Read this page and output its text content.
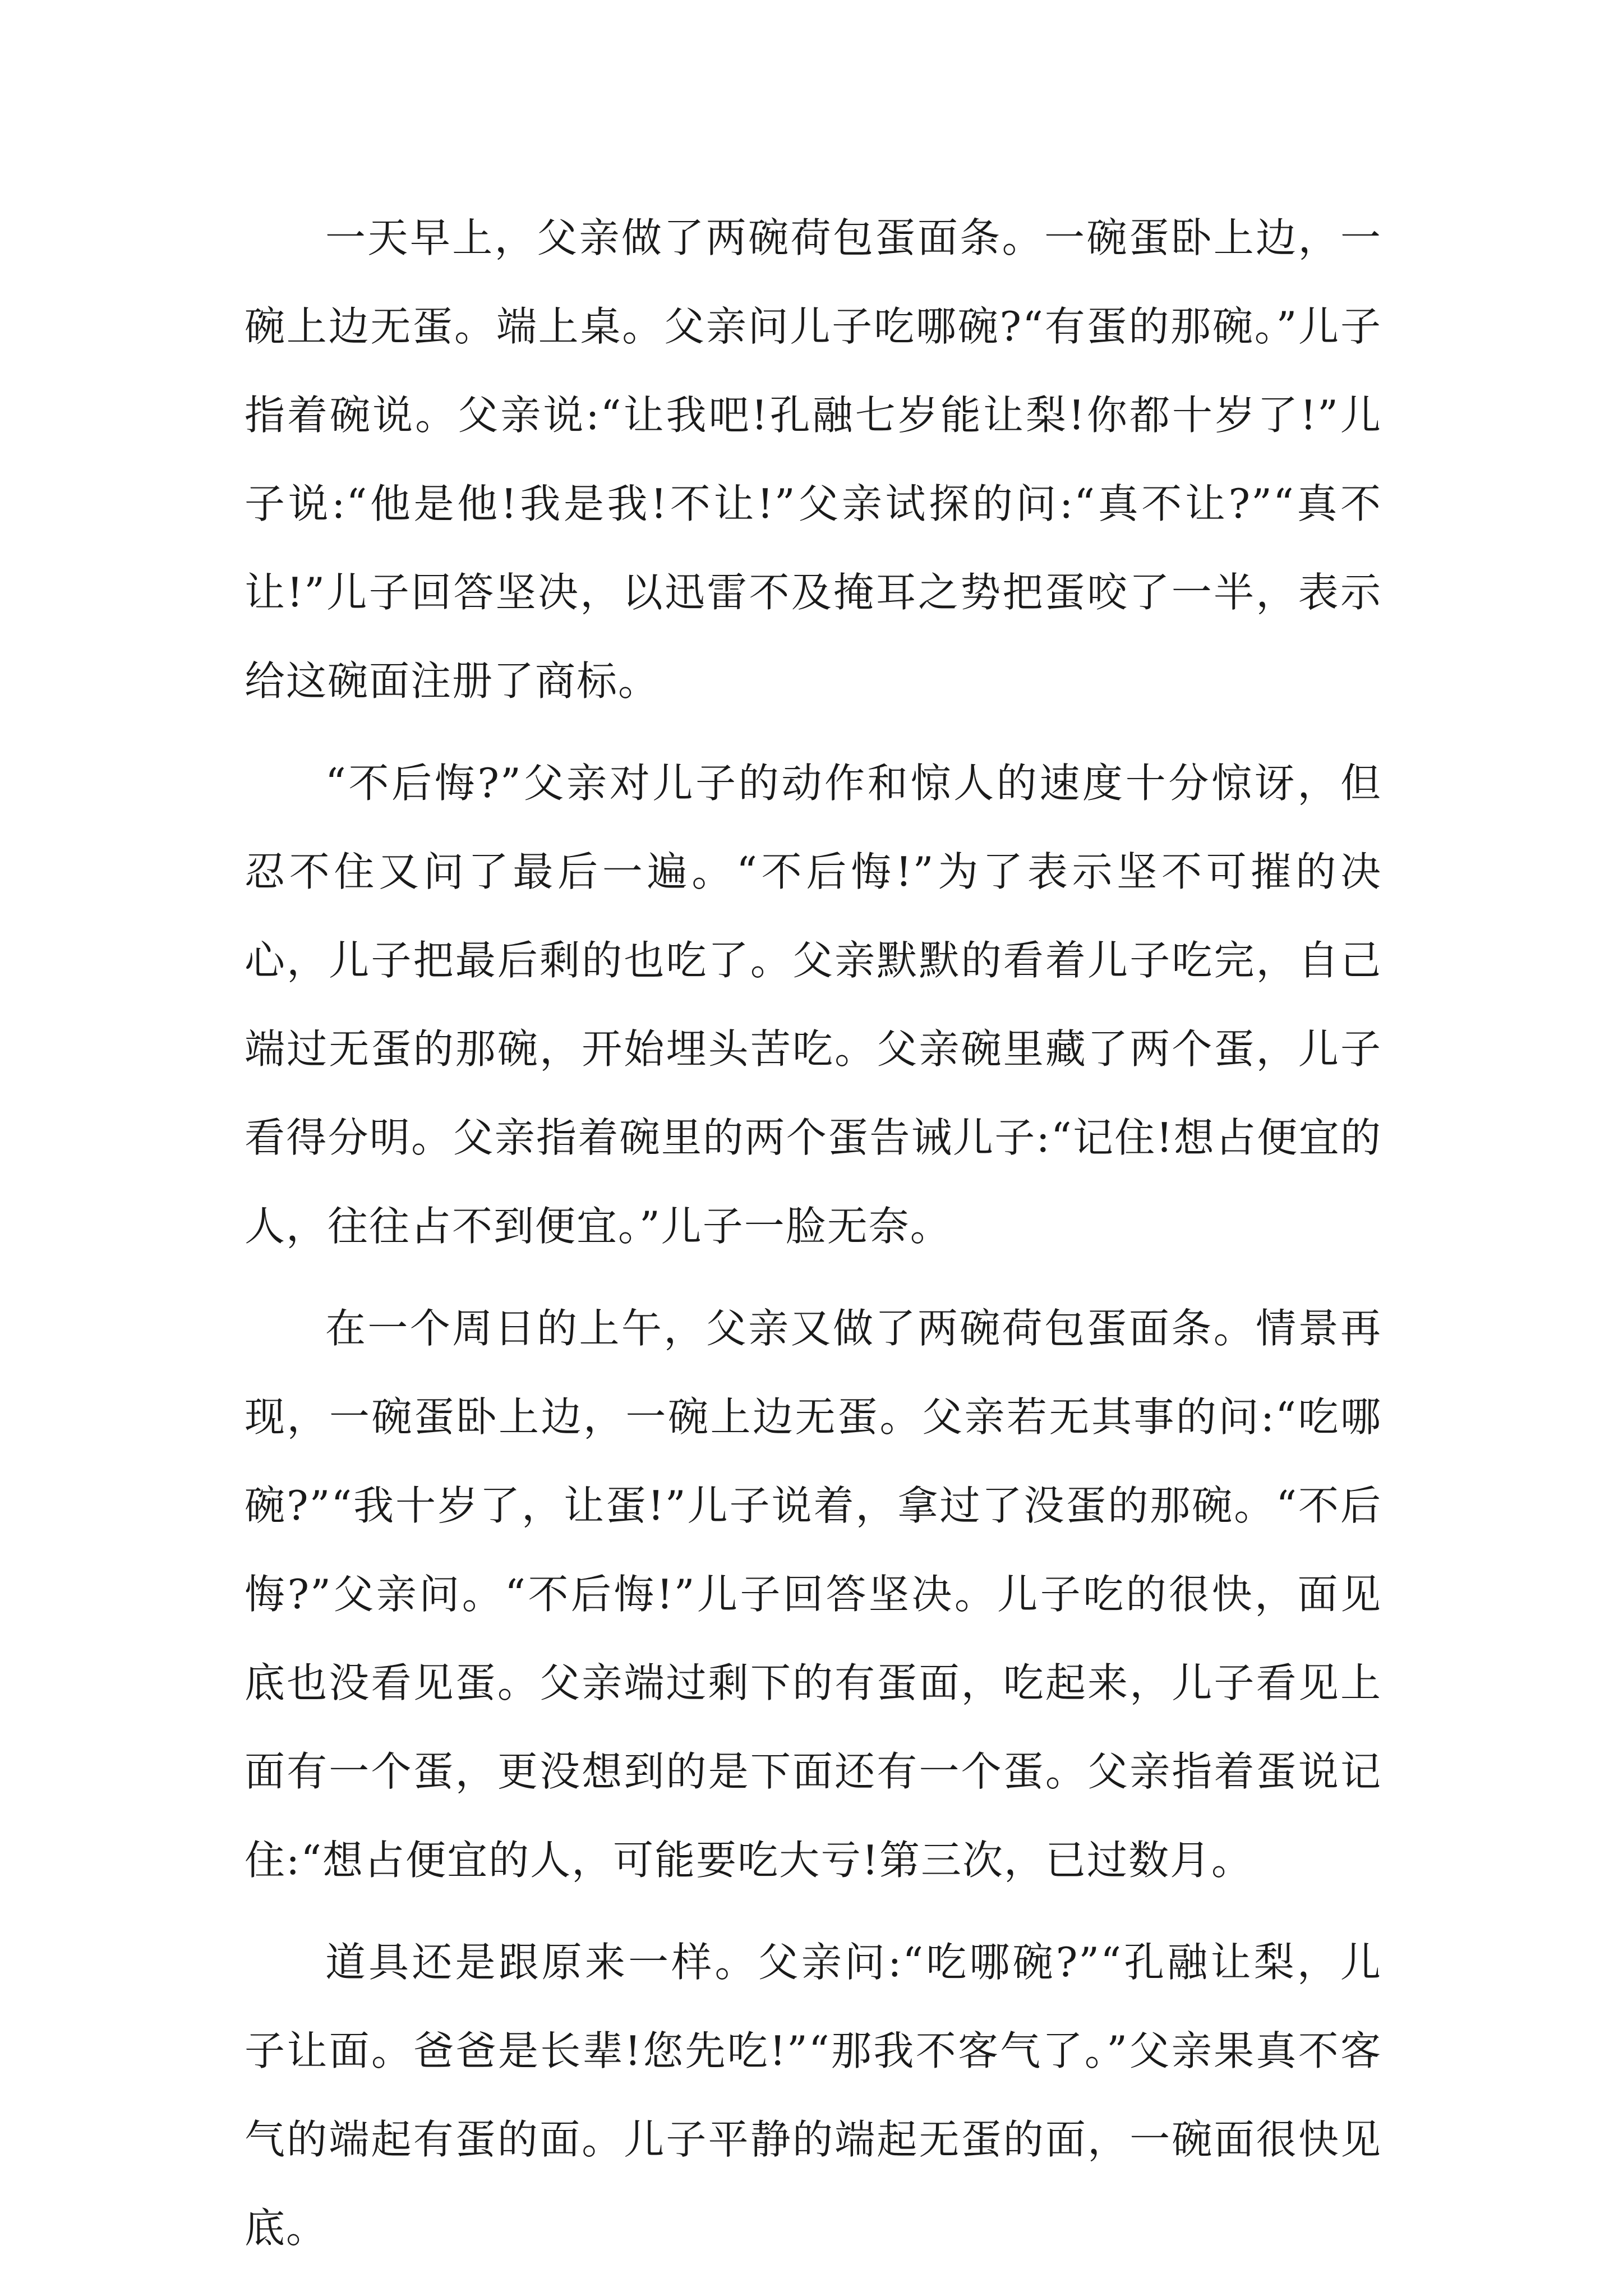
一天早上，父亲做了两碗荷包蛋面条。一碗蛋卧上边，一碗上边无蛋。端上桌。父亲问儿子吃哪碗?“有蛋的那碗。”儿子指着碗说。父亲说:“让我吧!孔融七岁能让梨!你都十岁了!”儿子说:“他是他!我是我!不让!”父亲试探的问:“真不让?”“真不让!”儿子回答坚决，以迅雷不及掩耳之势把蛋咬了一半，表示给这碗面注册了商标。

“不后悔?”父亲对儿子的动作和惊人的速度十分惊讶，但忍不住又问了最后一遍。“不后悔!”为了表示坚不可摧的决心，儿子把最后剩的也吃了。父亲默默的看着儿子吃完，自己端过无蛋的那碗，开始埋头苦吃。父亲碗里藏了两个蛋，儿子看得分明。父亲指着碗里的两个蛋告诫儿子:“记住!想占便宜的人，往往占不到便宜。”儿子一脸无奈。

在一个周日的上午，父亲又做了两碗荷包蛋面条。情景再现，一碗蛋卧上边，一碗上边无蛋。父亲若无其事的问:“吃哪碗?”“我十岁了，让蛋!”儿子说着，拿过了没蛋的那碗。“不后悔?”父亲问。“不后悔!”儿子回答坚决。儿子吃的很快，面见底也没看见蛋。父亲端过剩下的有蛋面，吃起来，儿子看见上面有一个蛋，更没想到的是下面还有一个蛋。父亲指着蛋说记住:“想占便宜的人，可能要吃大亏!第三次，已过数月。

道具还是跟原来一样。父亲问:“吃哪碗?”“孔融让梨，儿子让面。爸爸是长辈!您先吃!”“那我不客气了。”父亲果真不客气的端起有蛋的面。儿子平静的端起无蛋的面，一碗面很快见底。
